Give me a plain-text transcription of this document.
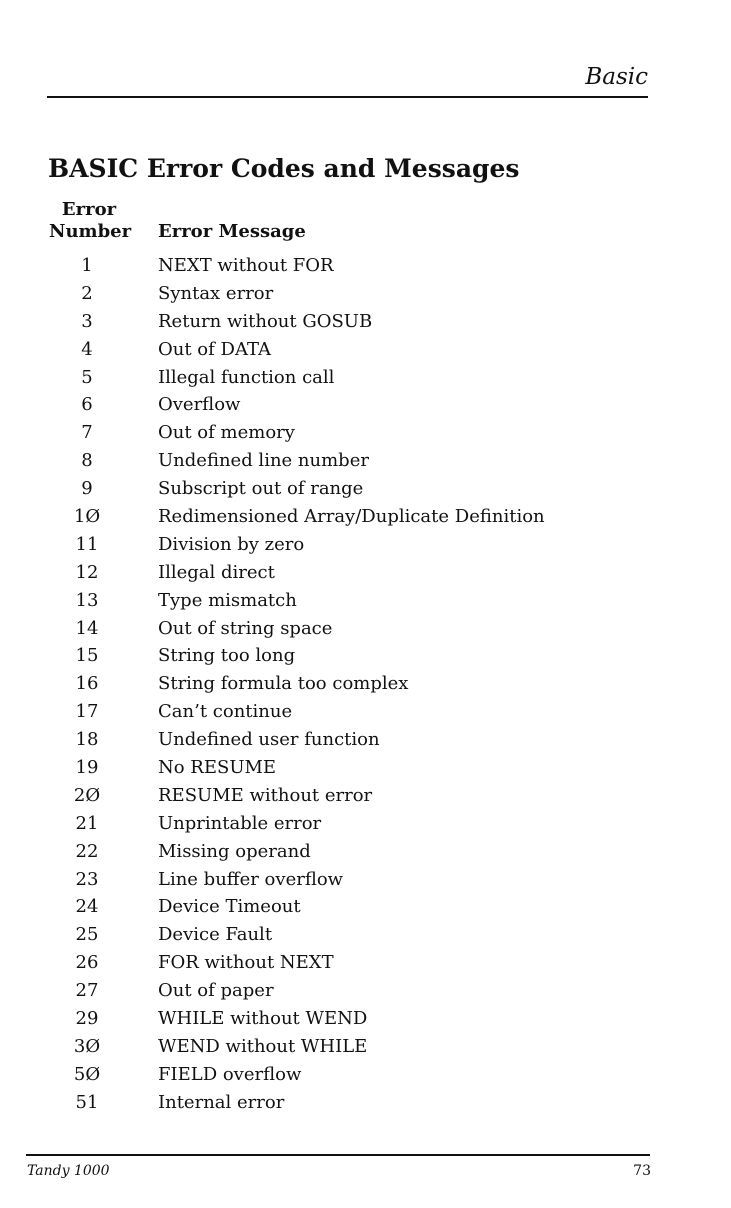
Basic
BASIC Error Codes and Messages
Error
Number Error Message
1	NEXT without FOR
2	Syntax error
3	Return without GOSUB
4	Out of DATA
5	Illegal function call
6	Overflow
7	Out of memory
8	Undefined line number
9	Subscript out of range
1Ø	Redimensioned Array/Duplicate Definition
11	Division by zero
12	Illegal direct
13	Type mismatch
14	Out of string space
15	String too long
16	String formula too complex
17	Can’t continue
18	Undefined user function
19	No RESUME
2Ø	RESUME without error
21	Unprintable error
22	Missing operand
23	Line buffer overflow
24	Device Timeout
25	Device Fault
26	FOR without NEXT
27	Out of paper
29	WHILE without WEND
3Ø	WEND without WHILE
5Ø	FIELD overflow
51	Internal error
Tandy 1000	73
